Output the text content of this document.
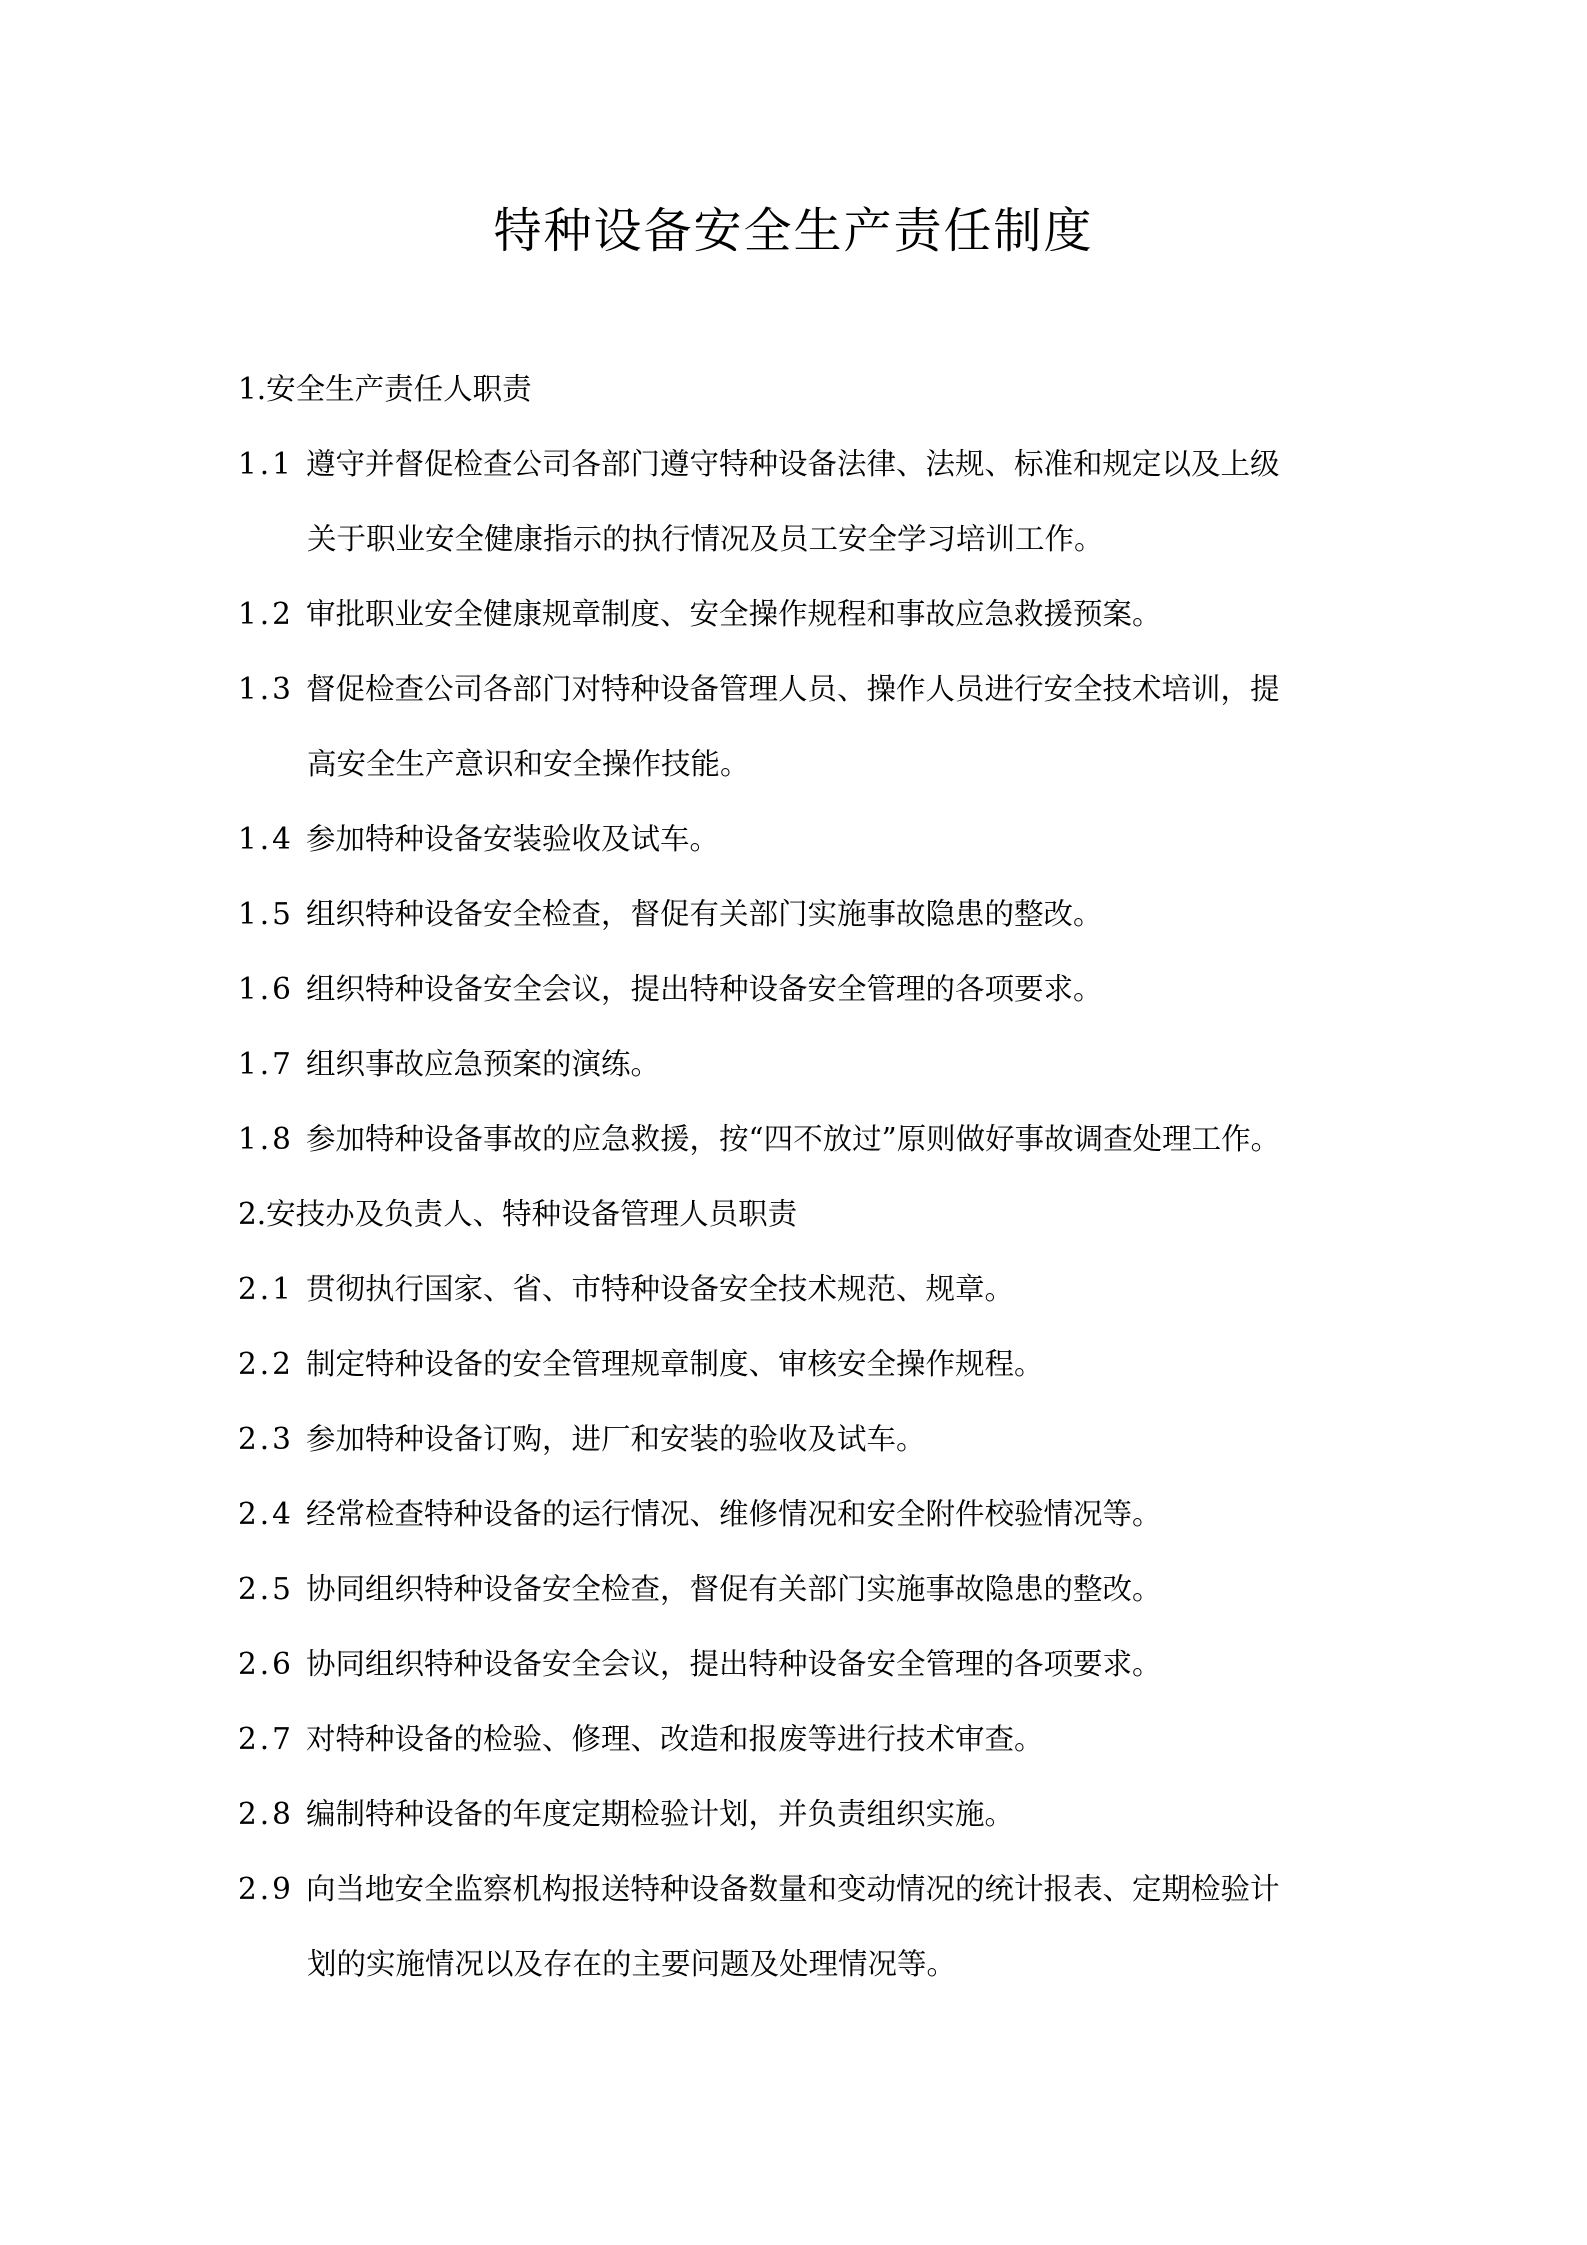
特种设备安全生产责任制度
1.安全生产责任人职责
1.1 遵守并督促检查公司各部门遵守特种设备法律、法规、标准和规定以及上级
关于职业安全健康指示的执行情况及员工安全学习培训工作。
1.2 审批职业安全健康规章制度、安全操作规程和事故应急救援预案。
1.3 督促检查公司各部门对特种设备管理人员、操作人员进行安全技术培训，提
高安全生产意识和安全操作技能。
1.4 参加特种设备安装验收及试车。
1.5 组织特种设备安全检查，督促有关部门实施事故隐患的整改。
1.6 组织特种设备安全会议，提出特种设备安全管理的各项要求。
1.7 组织事故应急预案的演练。
1.8 参加特种设备事故的应急救援，按“四不放过”原则做好事故调查处理工作。
2.安技办及负责人、特种设备管理人员职责
2.1 贯彻执行国家、省、市特种设备安全技术规范、规章。
2.2 制定特种设备的安全管理规章制度、审核安全操作规程。
2.3 参加特种设备订购，进厂和安装的验收及试车。
2.4 经常检查特种设备的运行情况、维修情况和安全附件校验情况等。
2.5 协同组织特种设备安全检查，督促有关部门实施事故隐患的整改。
2.6 协同组织特种设备安全会议，提出特种设备安全管理的各项要求。
2.7 对特种设备的检验、修理、改造和报废等进行技术审查。
2.8 编制特种设备的年度定期检验计划，并负责组织实施。
2.9 向当地安全监察机构报送特种设备数量和变动情况的统计报表、定期检验计
划的实施情况以及存在的主要问题及处理情况等。
